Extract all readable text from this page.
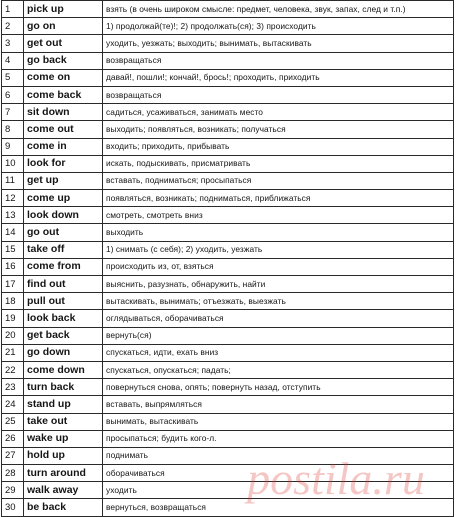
1	pick up	взять (в очень широком смысле: предмет, человека, звук, запах, след и т.п.)
2	go on	1) продолжай(те)!; 2) продолжать(ся); 3) происходить
3	get out	уходить, уезжать; выходить; вынимать, вытаскивать
4	go back	возвращаться
5	come on	давай!, пошли!; кончай!, брось!; проходить, приходить
6	come back	возвращаться
7	sit down	садиться, усаживаться, занимать место
8	come out	выходить; появляться, возникать; получаться
9	come in	входить; приходить, прибывать
10	look for	искать, подыскивать, присматривать
11	get up	вставать, подниматься; просыпаться
12	come up	появляться, возникать; подниматься, приближаться
13	look down	смотреть, смотреть вниз
14	go out	выходить
15	take off	1) снимать (с себя); 2) уходить, уезжать
16	come from	происходить из, от, взяться
17	find out	выяснить, разузнать, обнаружить, найти
18	pull out	вытаскивать, вынимать; отъезжать, выезжать
19	look back	оглядываться, оборачиваться
20	get back	вернуть(ся)
21	go down	спускаться, идти, ехать вниз
22	come down	спускаться, опускаться; падать;
23	turn back	повернуться снова, опять; повернуть назад, отступить
24	stand up	вставать, выпрямляться
25	take out	вынимать, вытаскивать
26	wake up	просыпаться; будить кого-л.
27	hold up	поднимать
28	turn around	оборачиваться
29	walk away	уходить
30	be back	вернуться, возвращаться
postila.ru
